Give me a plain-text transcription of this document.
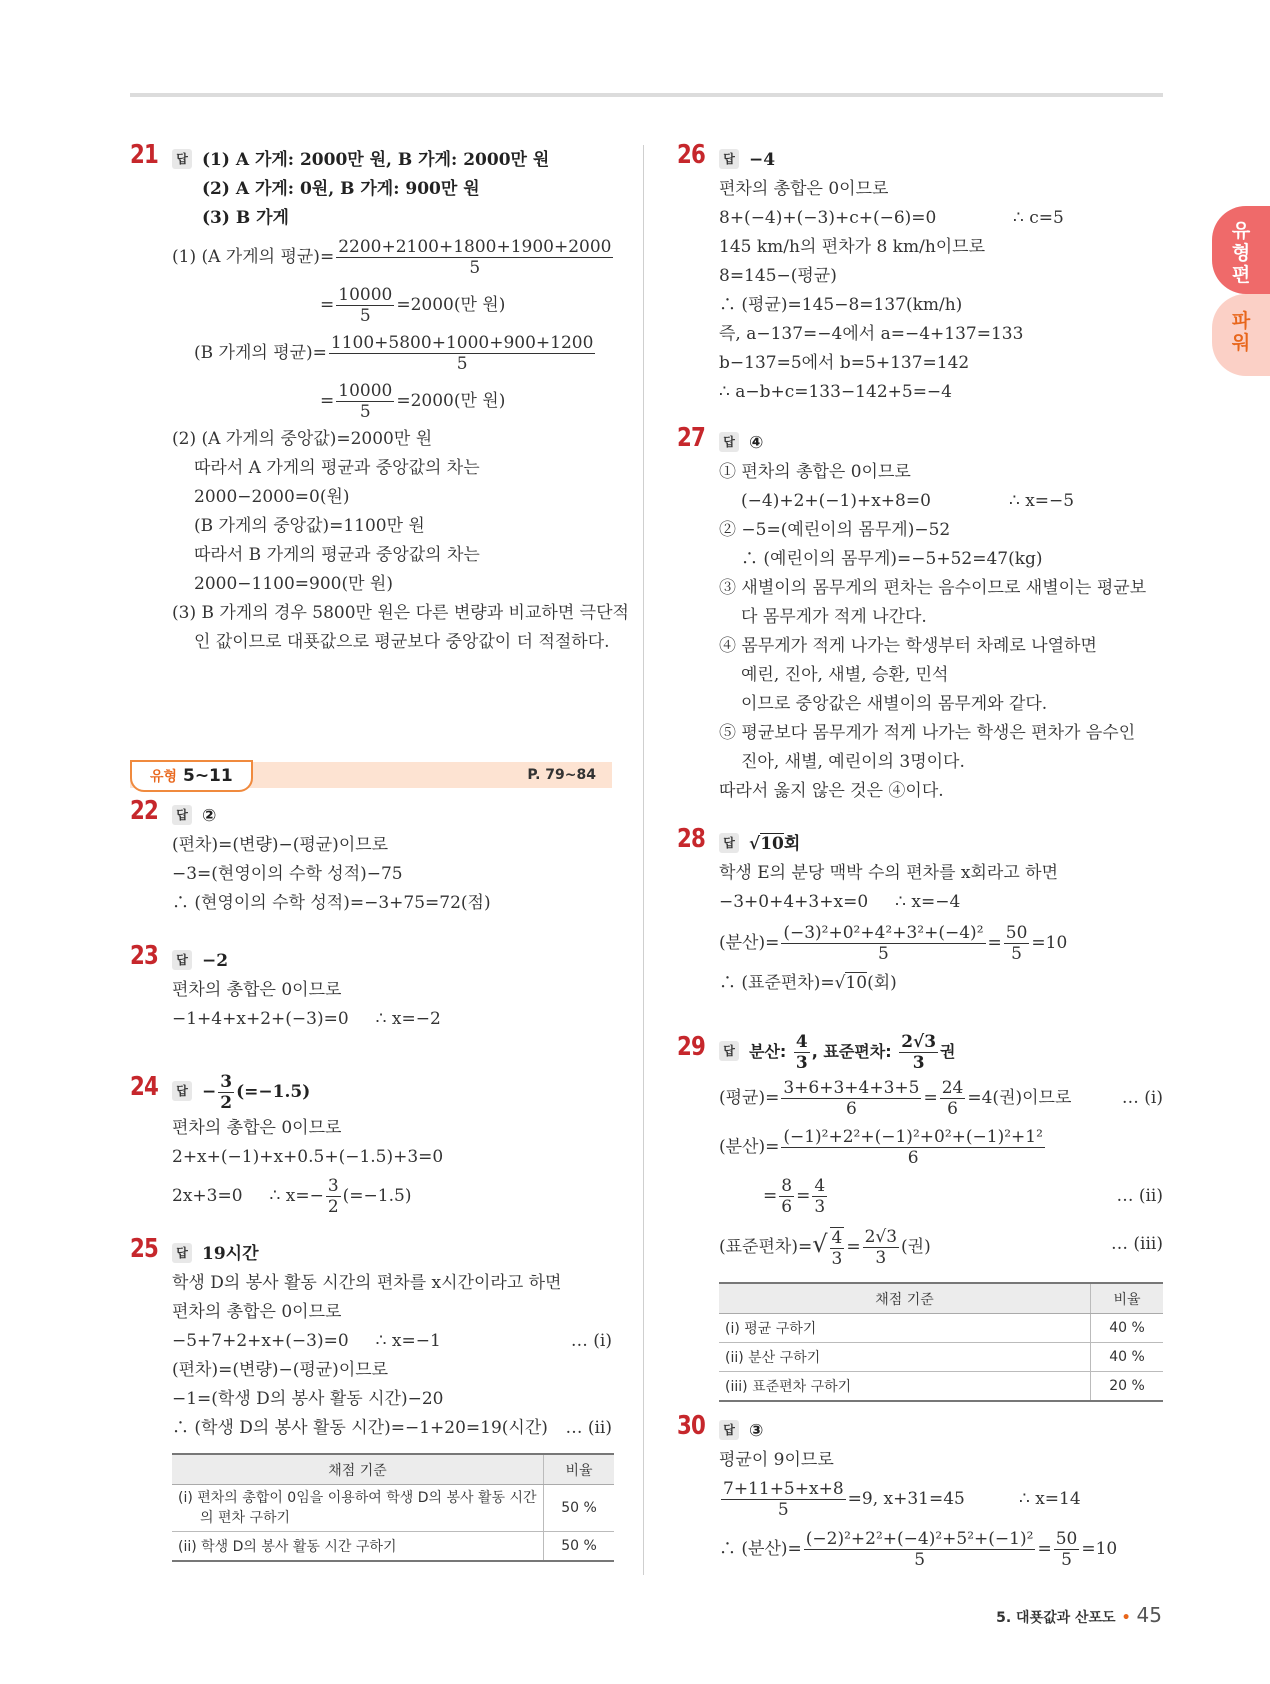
유
형
편
파
워
21	답 (1) A 가게: 2000만 원, B 가게: 2000만 원
(2) A 가게: 0원, B 가게: 900만 원
(3) B 가게
(1) (A 가게의 평균)= $\frac{2200+2100+1800+1900+2000}{5}$
= $\frac{10000}{5} =2000$(만 원)
(B 가게의 평균)= $\frac{1100+5800+1000+900+1200}{5}$
= $\frac{10000}{5} =2000$(만 원)
(2) (A 가게의 중앙값)=2000만 원
따라서 A 가게의 평균과 중앙값의 차는
2000−2000=0(원)
(B 가게의 중앙값)=1100만 원
따라서 B 가게의 평균과 중앙값의 차는
2000−1100=900(만 원)
(3) B 가게의 경우 5800만 원은 다른 변량과 비교하면 극단적
인 값이므로 대푯값으로 평균보다 중앙값이 더 적절하다.
유형 5~11	P. 79~84
22	답 ②
(편차)=(변량)−(평균)이므로
−3=(현영이의 수학 성적)−75
∴ (현영이의 수학 성적)=−3+75=72(점)
23	답 −2
편차의 총합은 0이므로
−1+4+x+2+(−3)=0     ∴ x=−2
24	답 − $\frac{3}{2} (=-1.5)$
편차의 총합은 0이므로
2+x+(−1)+x+0.5+(−1.5)+3=0
2x+3=0     ∴ $x=- \frac{3}{2} (=-1.5)$
25	답 19시간
학생 D의 봉사 활동 시간의 편차를 x시간이라고 하면
편차의 총합은 0이므로
−5+7+2+x+(−3)=0     ∴ x=−1	… (i)
(편차)=(변량)−(평균)이므로
−1=(학생 D의 봉사 활동 시간)−20
∴ (학생 D의 봉사 활동 시간)=−1+20=19(시간) … (ii)
채점 기준	비율
(i) 편차의 총합이 0임을 이용하여 학생 D의 봉사 활동 시간
의 편차 구하기	50 %
(ii) 학생 D의 봉사 활동 시간 구하기	50 %
26	답 −4
편차의 총합은 0이므로
8+(−4)+(−3)+c+(−6)=0	∴ c=5
145 km/h의 편차가 8 km/h이므로
8=145−(평균)
∴ (평균)=145−8=137(km/h)
즉, a−137=−4에서 a=−4+137=133
b−137=5에서 b=5+137=142
∴ a−b+c=133−142+5=−4
27	답 ④
① 편차의 총합은 0이므로
(−4)+2+(−1)+x+8=0	∴ x=−5
② −5=(예린이의 몸무게)−52
∴ (예린이의 몸무게)=−5+52=47(kg)
③ 새별이의 몸무게의 편차는 음수이므로 새별이는 평균보
다 몸무게가 적게 나간다.
④ 몸무게가 적게 나가는 학생부터 차례로 나열하면
예린, 진아, 새별, 승환, 민석
이므로 중앙값은 새별이의 몸무게와 같다.
⑤ 평균보다 몸무게가 적게 나가는 학생은 편차가 음수인
진아, 새별, 예린이의 3명이다.
따라서 옳지 않은 것은 ④이다.
28	답 √10회
학생 E의 분당 맥박 수의 편차를 x회라고 하면
−3+0+4+3+x=0     ∴ x=−4
(분산)= $\frac{\text{(−3)²+0²+4²+3²+(−4)²}}{5} = \frac{50}{5} =10$
∴ (표준편차)=√10(회)
29	답 분산: $\frac{4}{3}$ , 표준편차: $\frac{2√3}{3}$ 권
(평균)= $\frac{3+6+3+4+3+5}{6} = \frac{24}{6} =4$(권)이므로	… (i)
(분산)= $\frac{\text{(−1)²+2²+(−1)²+0²+(−1)²+1²}}{6}$
= $\frac{8}{6} = \frac{4}{3}$	… (ii)
(표준편차)=√ $\frac{4}{3} = \frac{2√3}{3}$ (권)	… (iii)
채점 기준	비율
(i) 평균 구하기	40 %
(ii) 분산 구하기	40 %
(iii) 표준편차 구하기	20 %
30	답 ③
평균이 9이므로
$\frac{7+11+5+x+8}{5} =9$, x+31=45	∴ x=14
∴ (분산)= $\frac{\text{(−2)²+2²+(−4)²+5²+(−1)²}}{5} = \frac{50}{5} =10$
5. 대푯값과 산포도 • 45
